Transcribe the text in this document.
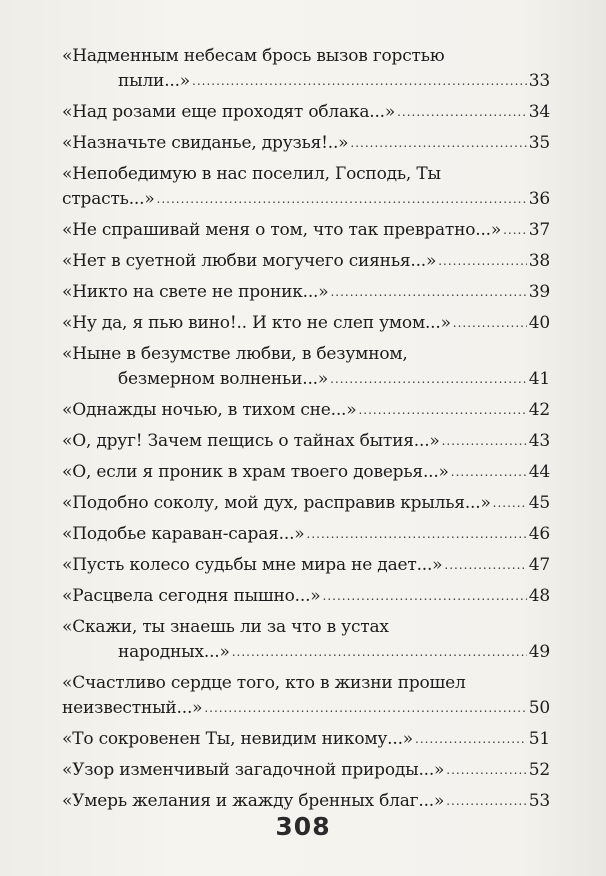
«Надменным небесам брось вызов горстью
пыли...» .....	33
«Над розами еще проходят облака...» .....	34
«Назначьте свиданье, друзья!..» .....	35
«Непобедимую в нас поселил, Господь, Ты
страсть...» .....	36
«Не спрашивай меня о том, что так превратно...» ..... 37
«Нет в суетной любви могучего сиянья...» .....	38
«Никто на свете не проник...» .....	39
«Ну да, я пью вино!.. И кто не слеп умом...» .....	40
«Ныне в безумстве любви, в безумном,
безмерном волненьи...» .....	41
«Однажды ночью, в тихом сне...» .....	42
«О, друг! Зачем пещись о тайнах бытия...» .....	43
«О, если я проник в храм твоего доверья...» .....	44
«Подобно соколу, мой дух, расправив крылья...» ..... 45
«Подобье караван-сарая...» .....	46
«Пусть колесо судьбы мне мира не дает...» .....	47
«Расцвела сегодня пышно...» .....	48
«Скажи, ты знаешь ли за что в устах
народных...» .....	49
«Счастливо сердце того, кто в жизни прошел
неизвестный...» .....	50
«То сокровенен Ты, невидим никому...» .....	51
«Узор изменчивый загадочной природы...» .....	52
«Умерь желания и жажду бренных благ...» .....	53
308
